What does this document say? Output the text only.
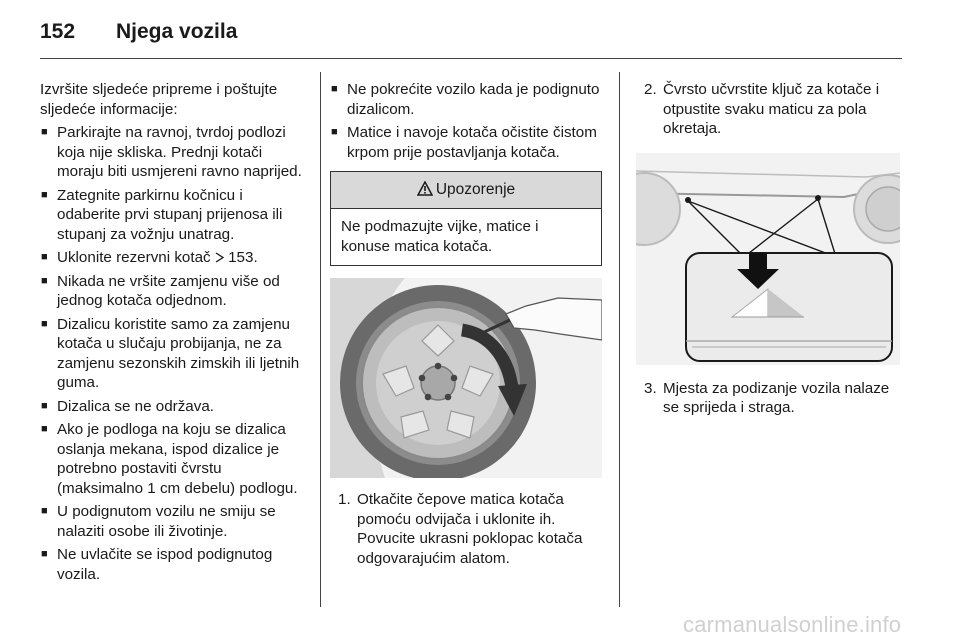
152 Njega vozila
Izvršite sljedeće pripreme i poštujte sljedeće informacije:
■ Parkirajte na ravnoj, tvrdoj podlozi koja nije skliska. Prednji kotači moraju biti usmjereni ravno naprijed.
■ Zategnite parkirnu kočnicu i odaberite prvi stupanj prijenosa ili stupanj za vožnju unatrag.
■ Uklonite rezervni kotač 153.
■ Nikada ne vršite zamjenu više od jednog kotača odjednom.
■ Dizalicu koristite samo za zamjenu kotača u slučaju probijanja, ne za zamjenu sezonskih zimskih ili ljetnih guma.
■ Dizalica se ne održava.
■ Ako je podloga na koju se dizalica oslanja mekana, ispod dizalice je potrebno postaviti čvrstu (maksimalno 1 cm debelu) podlogu.
■ U podignutom vozilu ne smiju se nalaziti osobe ili životinje.
■ Ne uvlačite se ispod podignutog vozila.
■ Ne pokrećite vozilo kada je podignuto dizalicom.
■ Matice i navoje kotača očistite čistom krpom prije postavljanja kotača.
Upozorenje
Ne podmazujte vijke, matice i konuse matica kotača.
1. Otkačite čepove matica kotača pomoću odvijača i uklonite ih. Povucite ukrasni poklopac kotača odgovarajućim alatom.
2. Čvrsto učvrstite ključ za kotače i otpustite svaku maticu za pola okretaja.
3. Mjesta za podizanje vozila nalaze se sprijeda i straga.
carmanualsonline.info
